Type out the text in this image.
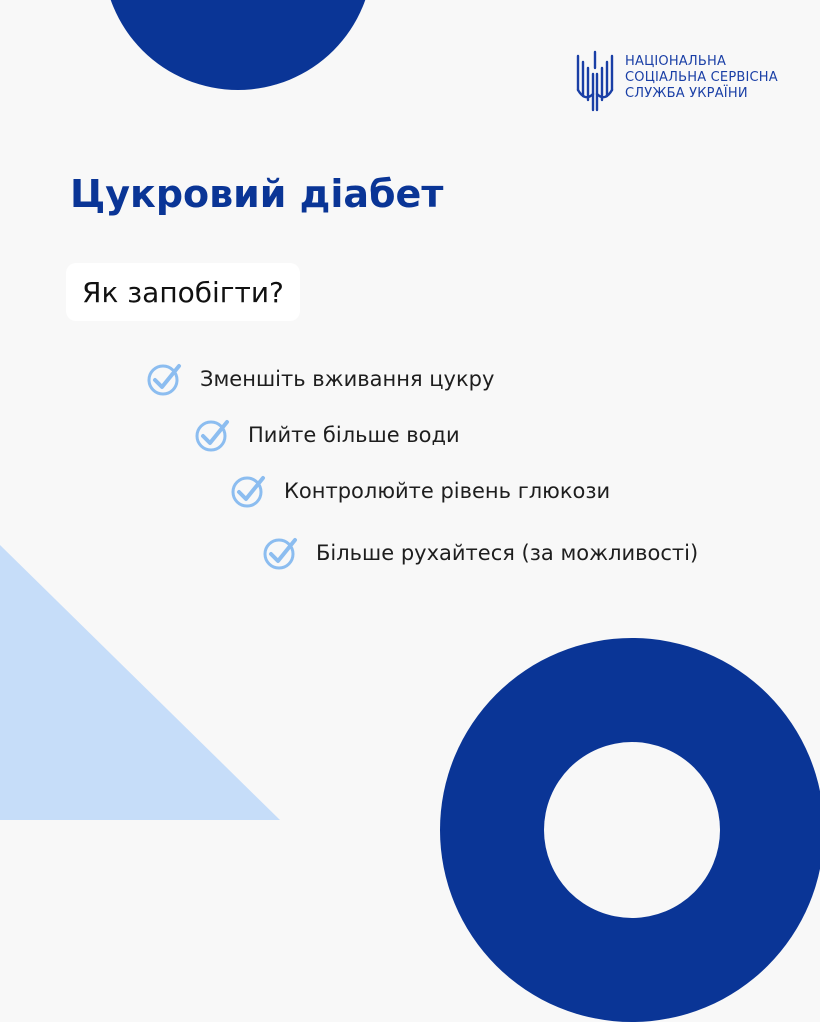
НАЦІОНАЛЬНА
СОЦІАЛЬНА СЕРВІСНА
СЛУЖБА УКРАЇНИ
Цукровий діабет
Як запобігти?
Зменшіть вживання цукру
Пийте більше води
Контролюйте рівень глюкози
Більше рухайтеся (за можливості)
